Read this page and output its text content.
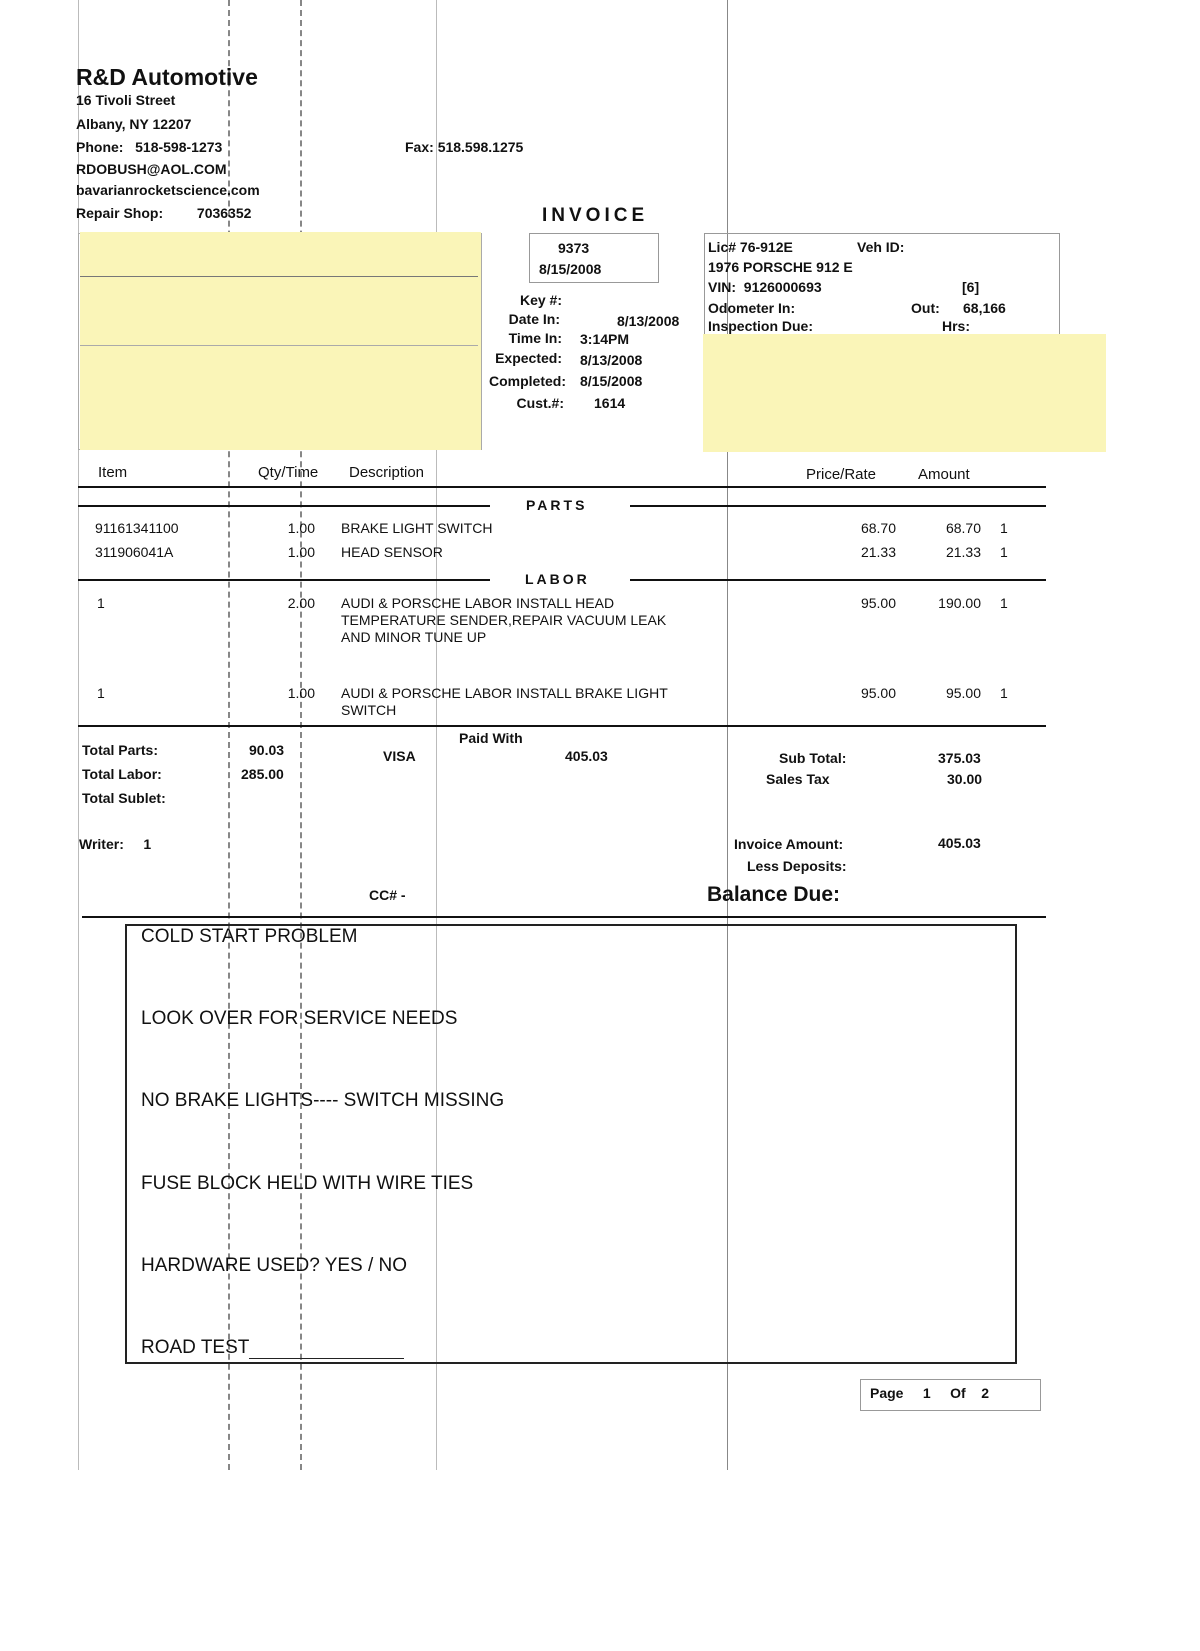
R&D Automotive
16 Tivoli Street
Albany, NY 12207
Phone: 518-598-1273
RDOBUSH@AOL.COM
bavarianrocketscience.com
Repair Shop: 7036352
Fax: 518.598.1275
INVOICE
9373
8/15/2008
Key #:
Date In:	8/13/2008
Time In: 3:14PM
Expected: 8/13/2008
Completed: 8/15/2008
Cust.#: 1614
Lic# 76-912E	Veh ID:
1976 PORSCHE 912 E
VIN: 9126000693	[6]
Odometer In:	Out: 68,166
Inspection Due:	Hrs:
Item	Qty/Time Description	Price/Rate	Amount
PARTS
91161341100	1.00 BRAKE LIGHT SWITCH	68.70	68.70 1
311906041A	1.00 HEAD SENSOR	21.33	21.33 1
LABOR
1	2.00 AUDI & PORSCHE LABOR INSTALL HEAD
TEMPERATURE SENDER,REPAIR VACUUM LEAK
AND MINOR TUNE UP
95.00	190.00 1
1	1.00 AUDI & PORSCHE LABOR INSTALL BRAKE LIGHT
SWITCH
95.00	95.00 1
Total Parts:	90.03
Total Labor:	285.00
Total Sublet:
Paid With
VISA	405.03	Sub Total:	375.03
Sales Tax	30.00
Writer: 1	Invoice Amount:	405.03
Less Deposits:
CC# -	Balance Due:
COLD START PROBLEM
LOOK OVER FOR SERVICE NEEDS
NO BRAKE LIGHTS---- SWITCH MISSING
FUSE BLOCK HELD WITH WIRE TIES
HARDWARE USED? YES / NO
ROAD TEST
Page 1 Of 2
